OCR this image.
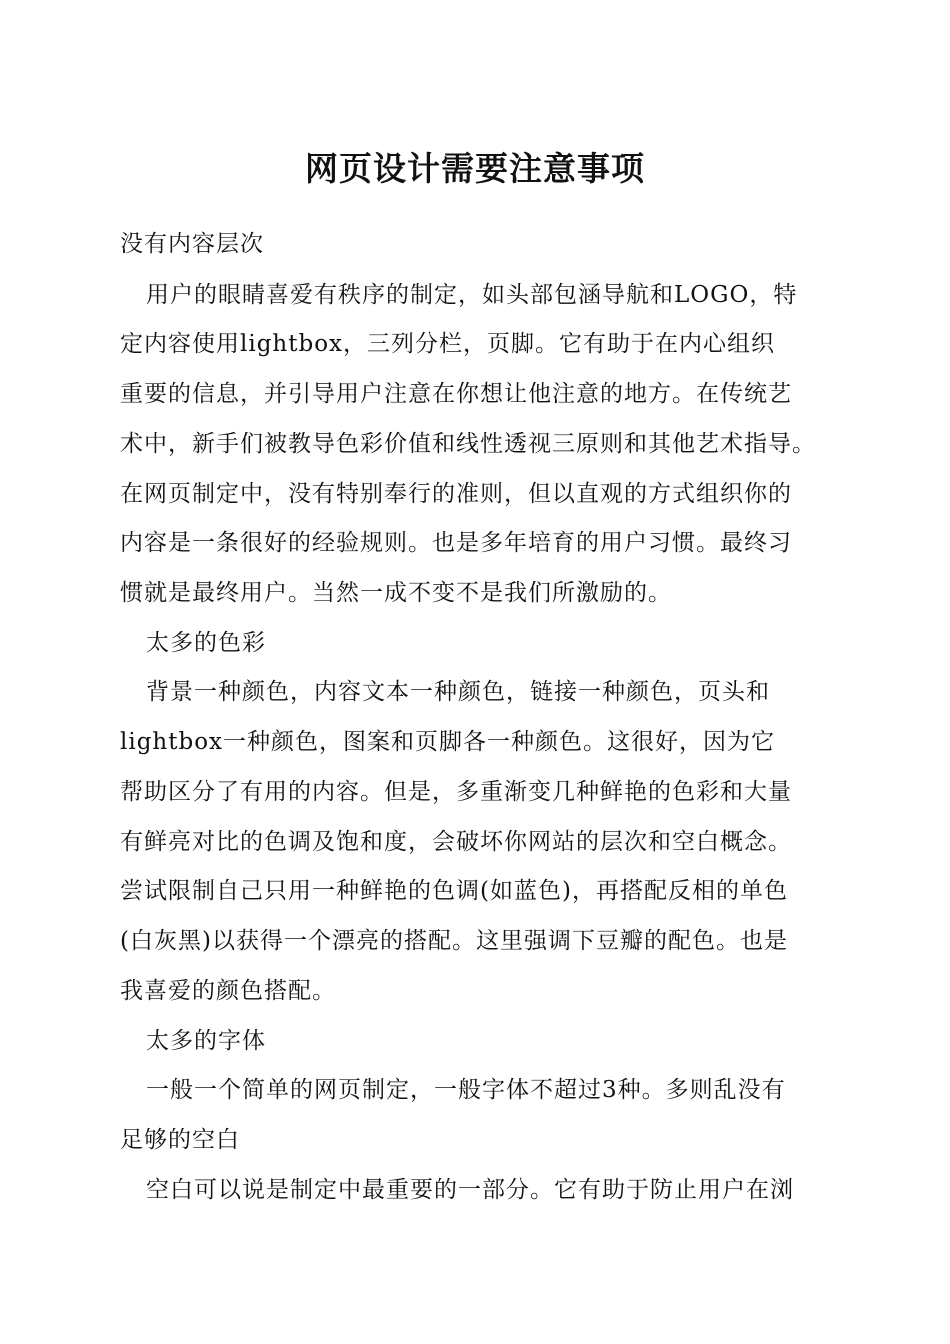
网页设计需要注意事项
没有内容层次
用户的眼睛喜爱有秩序的制定，如头部包涵导航和LOGO，特
定内容使用lightbox，三列分栏，页脚。它有助于在内心组织
重要的信息，并引导用户注意在你想让他注意的地方。在传统艺
术中，新手们被教导色彩价值和线性透视三原则和其他艺术指导。
在网页制定中，没有特别奉行的准则，但以直观的方式组织你的
内容是一条很好的经验规则。也是多年培育的用户习惯。最终习
惯就是最终用户。当然一成不变不是我们所激励的。
太多的色彩
背景一种颜色，内容文本一种颜色，链接一种颜色，页头和
lightbox一种颜色，图案和页脚各一种颜色。这很好，因为它
帮助区分了有用的内容。但是，多重渐变几种鲜艳的色彩和大量
有鲜亮对比的色调及饱和度，会破坏你网站的层次和空白概念。
尝试限制自己只用一种鲜艳的色调(如蓝色)，再搭配反相的单色
(白灰黑)以获得一个漂亮的搭配。这里强调下豆瓣的配色。也是
我喜爱的颜色搭配。
太多的字体
一般一个简单的网页制定，一般字体不超过3种。多则乱没有
足够的空白
空白可以说是制定中最重要的一部分。它有助于防止用户在浏
